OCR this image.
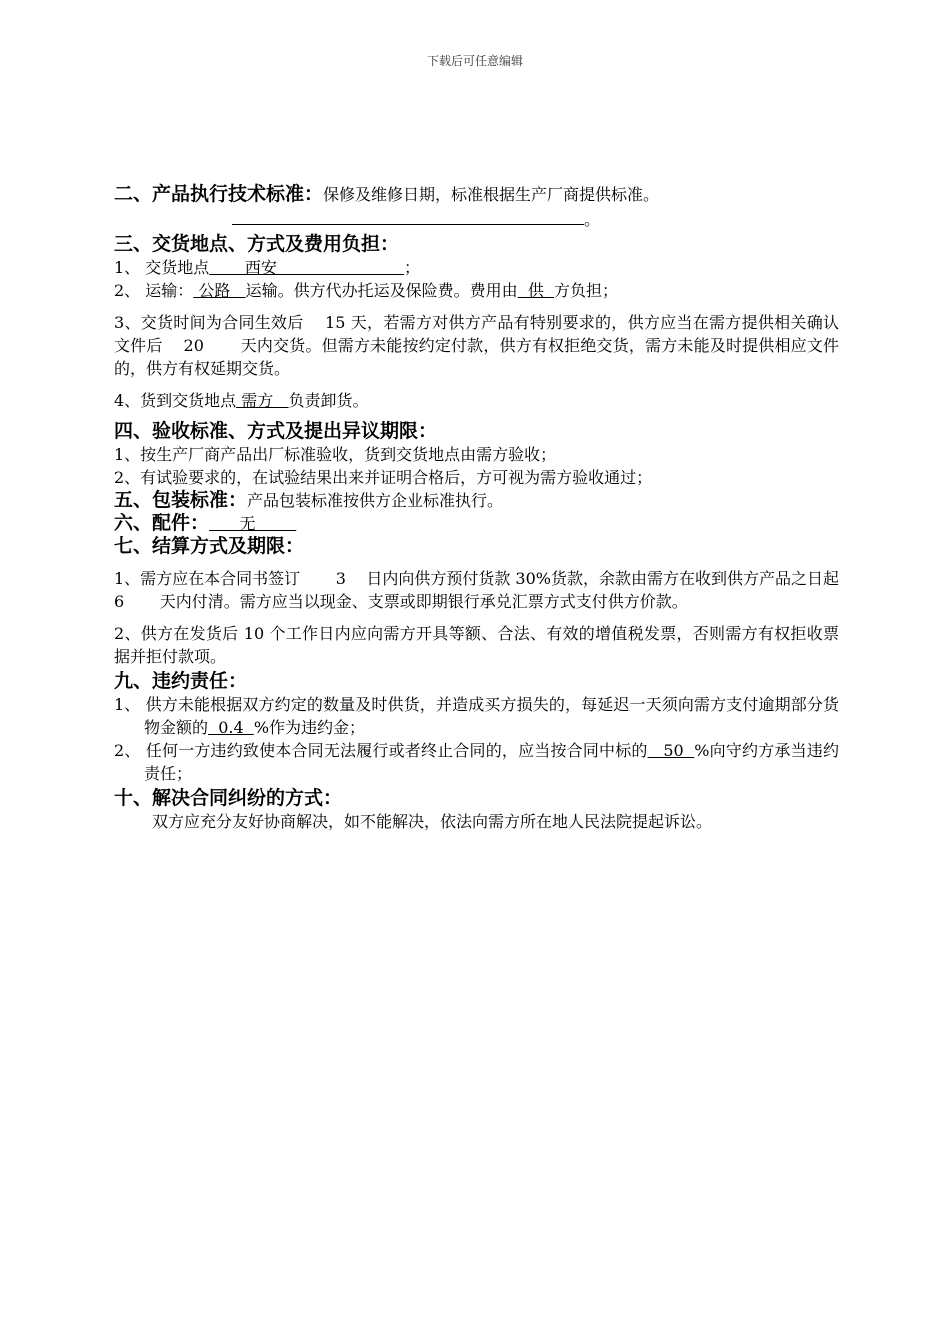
下载后可任意编辑
二、产品执行技术标准：保修及维修日期，标准根据生产厂商提供标准。
。
三、交货地点、方式及费用负担：
1、 交货地点       西安                         ；
2、 运输： 公路   运输。供方代办托运及保险费。费用由  供  方负担；
3、交货时间为合同生效后    15 天，若需方对供方产品有特别要求的，供方应当在需方提供相关确认文件后    20       天内交货。但需方未能按约定付款，供方有权拒绝交货，需方未能及时提供相应文件的，供方有权延期交货。
4、货到交货地点 需方   负责卸货。
四、验收标准、方式及提出异议期限：
1、按生产厂商产品出厂标准验收，货到交货地点由需方验收；
2、有试验要求的，在试验结果出来并证明合格后，方可视为需方验收通过；
五、包装标准：产品包装标准按供方企业标准执行。
六、配件：      无
七、结算方式及期限：
1、需方应在本合同书签订       3    日内向供方预付货款 30%货款，余款由需方在收到供方产品之日起    6       天内付清。需方应当以现金、支票或即期银行承兑汇票方式支付供方价款。
2、供方在发货后 10 个工作日内应向需方开具等额、合法、有效的增值税发票，否则需方有权拒收票据并拒付款项。
九、违约责任：
1、 供方未能根据双方约定的数量及时供货，并造成买方损失的，每延迟一天须向需方支付逾期部分货物金额的  0.4  %作为违约金；
2、 任何一方违约致使本合同无法履行或者终止合同的，应当按合同中标的   50  %向守约方承当违约责任；
十、解决合同纠纷的方式：
双方应充分友好协商解决，如不能解决，依法向需方所在地人民法院提起诉讼。
